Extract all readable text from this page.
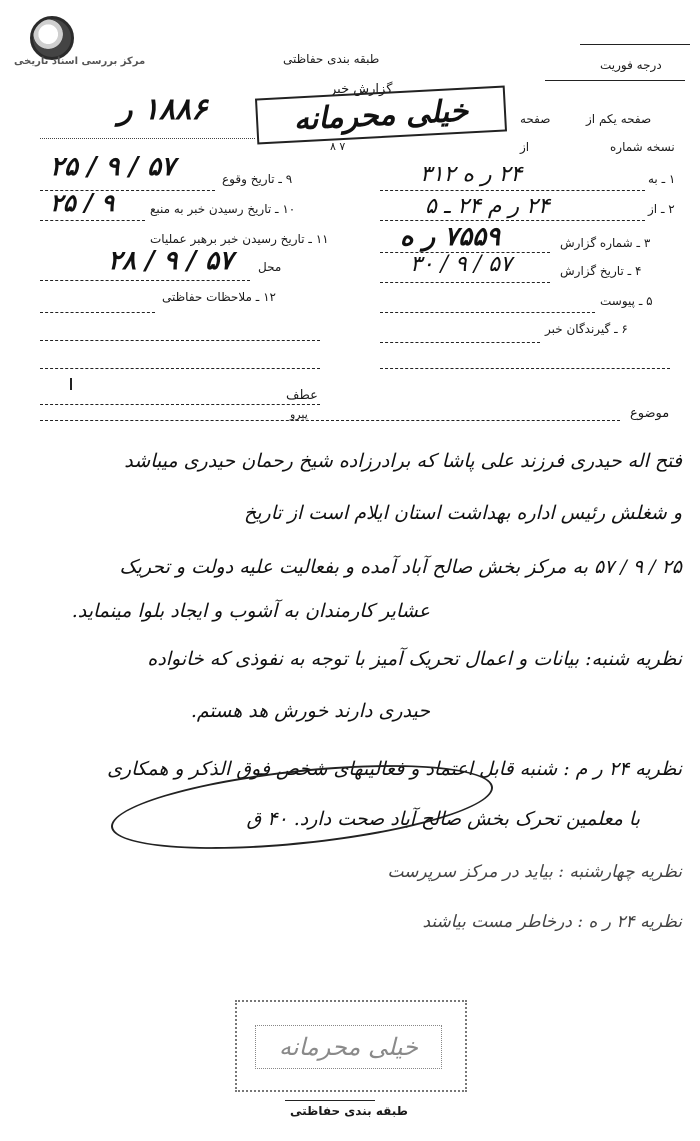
مرکز بررسی اسناد تاریخی	طبقه بندی حفاظتی	درجه فوریت
گزارش خبر
خیلی محرمانه
۷ ۸
۱۸۸۶ ر	صفحه یکم از
صفحه
نسخه شماره
از
۱ ـ به
۲۴ ر ه ۳۱۲
۲ ـ از
۲۴ ر م ۲۴ ـ ۵
۳ ـ شماره گزارش
۷۵۵۹ ر ه
۴ ـ تاریخ گزارش
۵۷ / ۹ / ۳۰
۵ ـ پیوست
۶ ـ گیرندگان خبر
۹ ـ تاریخ وقوع
۵۷ / ۹ / ۲۵
۱۰ ـ تاریخ رسیدن خبر به منبع
۹ / ۲۵
۱۱ ـ تاریخ رسیدن خبر برهبر عملیات
محل
۵۷ / ۹ / ۲۸
۱۲ ـ ملاحظات حفاظتی
عطف
پیرو	موضوع
فتح اله حیدری فرزند علی پاشا که برادرزاده شیخ رحمان حیدری میباشد
و شغلش رئیس اداره بهداشت استان ایلام است از تاریخ
۲۵ / ۹ / ۵۷ به مرکز بخش صالح آباد آمده و بفعالیت علیه دولت و تحریک
عشایر کارمندان به آشوب و ایجاد بلوا مینماید.
نظریه شنبه: بیانات و اعمال تحریک آمیز با توجه به نفوذی که خانواده
حیدری دارند خورش هد هستم.
نظریه ۲۴ ر م : شنبه قابل اعتماد و فعالیتهای شخص فوق الذکر و همکاری
با معلمین تحرک بخش صالح آباد صحت دارد. ۴۰ ق
نظریه چهارشنبه : بیاید در مرکز سرپرست
نظریه ۲۴ ر ه : درخاطر مست بیاشند
خیلی محرمانه
طبقه بندی حفاظتی
